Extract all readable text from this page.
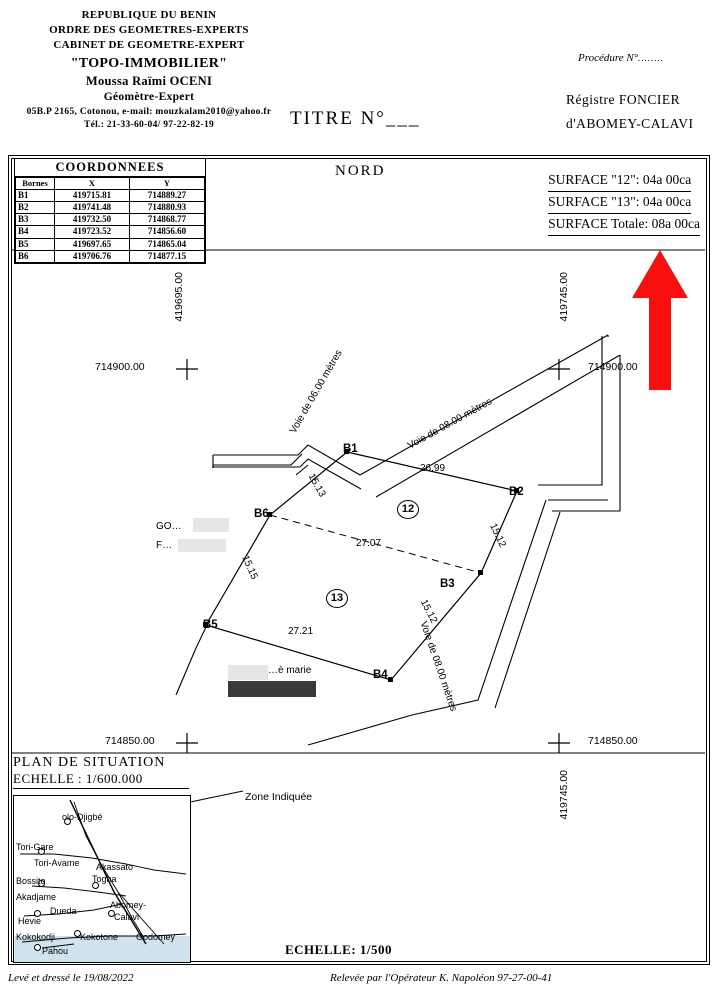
REPUBLIQUE DU BENIN
ORDRE DES GEOMETRES-EXPERTS
CABINET DE GEOMETRE-EXPERT
"TOPO-IMMOBILIER"
Moussa Raïmi OCENI
Géomètre-Expert
05B.P 2165, Cotonou, e-mail: mouzkalam2010@yahoo.fr
Tél.: 21-33-60-04/ 97-22-82-19
Procédure N°........
Régistre FONCIER
d'ABOMEY-CALAVI
TITRE N°___
COORDONNEES
Bornes	X	Y
B1	419715.81	714889.27
B2	419741.48	714880.93
B3	419732.50	714868.77
B4	419723.52	714856.60
B5	419697.65	714865.04
B6	419706.76	714877.15
NORD
SURFACE "12": 04a 00ca
SURFACE "13": 04a 00ca
SURFACE Totale: 08a 00ca
714900.00	714900.00
714850.00	714850.00
419695.00	419745.00
419745.00
B1
B2
B3
B4
B5
B6	12
13
26.99
15.13
15.12
27.07
15.15
15.12
27.21
Voie de 06.00 mètres	Voie de 08.00 mètres
Voie de 08.00 mètres
GO…
F…
…è marie
Zone Indiquée
PLAN DE SITUATION
ECHELLE : 1/600.000
olo-Djigbé
Tori-Gare
Tori-Avame Akassato
Bossito	Togba
Akadjame
Dueda
Abomey-
Calavi
Hevie
Kokokodji	Kokotone Godomey
Pahou	ECHELLE: 1/500
Levé et dressé le 19/08/2022	Relevée par l'Opérateur K. Napoléon 97-27-00-41
